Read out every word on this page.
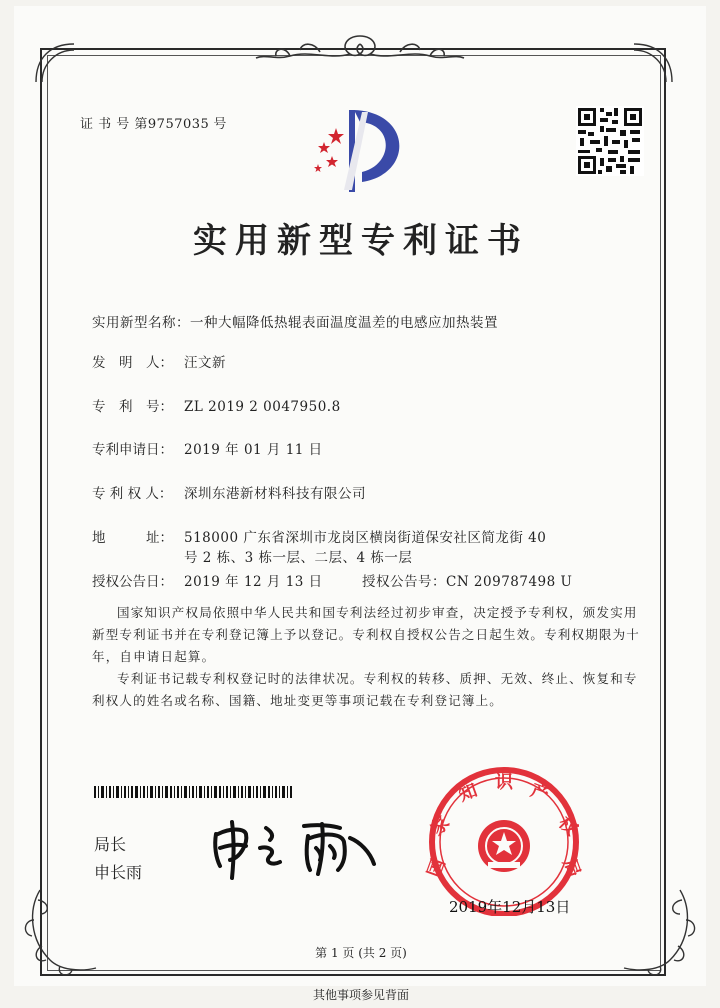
证 书 号 第9757035 号
实用新型专利证书
实用新型名称：一种大幅降低热辊表面温度温差的电感应加热装置
发　明　人： 汪文新
专　利　号： ZL 2019 2 0047950.8
专利申请日： 2019 年 01 月 11 日
专 利 权 人： 深圳东港新材料科技有限公司
地　　　址： 518000 广东省深圳市龙岗区横岗街道保安社区简龙街 40
号 2 栋、3 栋一层、二层、4 栋一层
授权公告日： 2019 年 12 月 13 日	授权公告号：CN 209787498 U
国家知识产权局依照中华人民共和国专利法经过初步审查，决定授予专利权，颁发实用新型专利证书并在专利登记簿上予以登记。专利权自授权公告之日起生效。专利权期限为十年，自申请日起算。
专利证书记载专利权登记时的法律状况。专利权的转移、质押、无效、终止、恢复和专利权人的姓名或名称、国籍、地址变更等事项记载在专利登记簿上。
局长
申长雨	国
家
知 识 产
权
局
2019年12月13日
第 1 页 (共 2 页)
其他事项参见背面
